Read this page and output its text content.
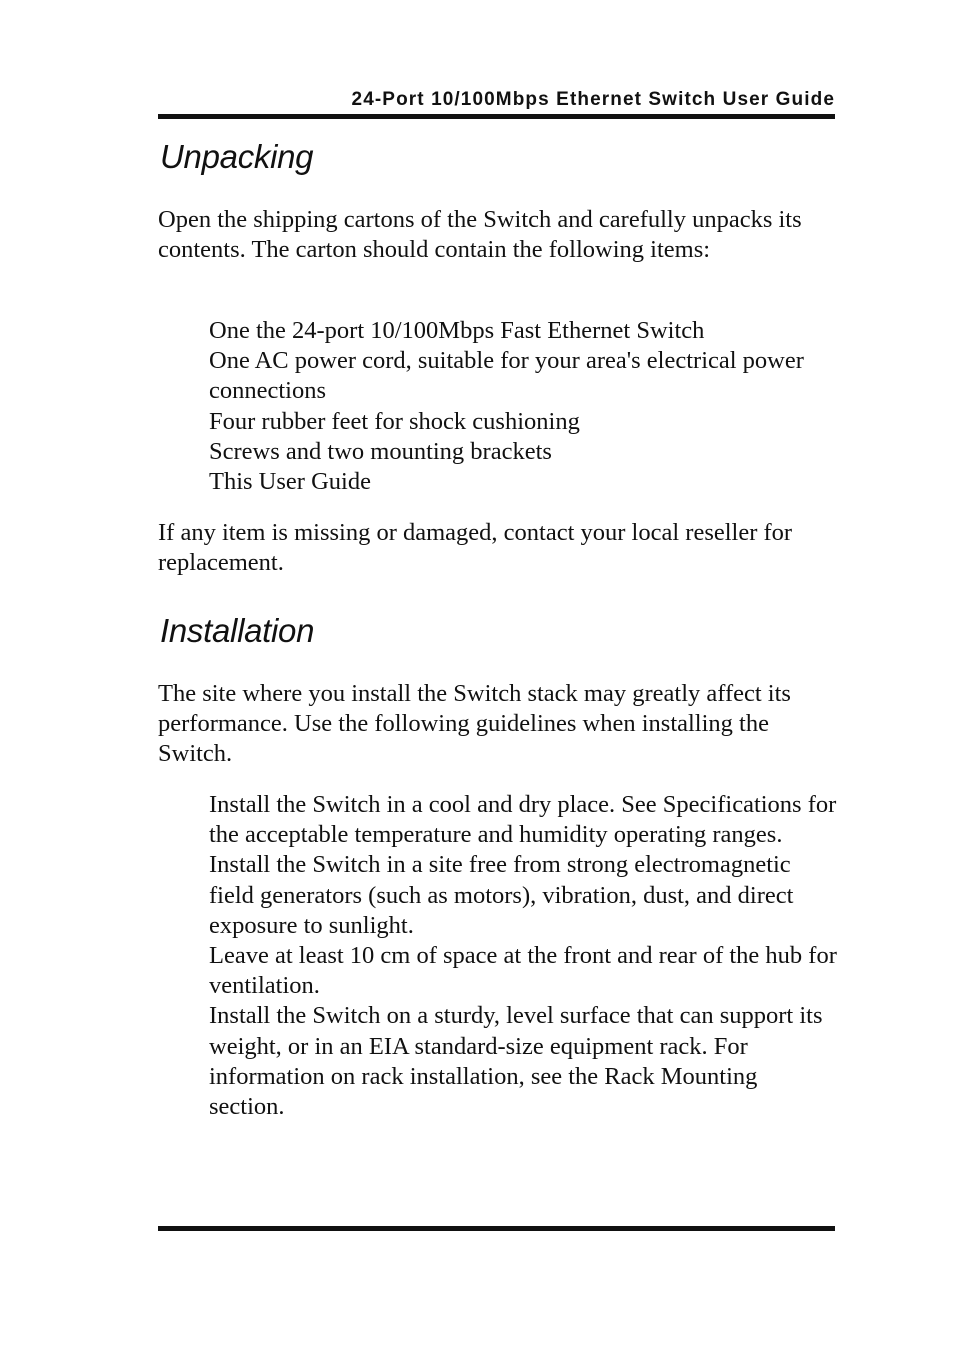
24-Port 10/100Mbps Ethernet Switch User Guide
Unpacking

Open the shipping cartons of the Switch and carefully unpacks its contents. The carton should contain the following items:

One the 24-port 10/100Mbps Fast Ethernet Switch
One AC power cord, suitable for your area's electrical power connections
Four rubber feet for shock cushioning
Screws and two mounting brackets
This User Guide

If any item is missing or damaged, contact your local reseller for replacement.

Installation

The site where you install the Switch stack may greatly affect its performance. Use the following guidelines when installing the Switch.

Install the Switch in a cool and dry place. See Specifications for the acceptable temperature and humidity operating ranges.
Install the Switch in a site free from strong electromagnetic field generators (such as motors), vibration, dust, and direct exposure to sunlight.
Leave at least 10 cm of space at the front and rear of the hub for ventilation.
Install the Switch on a sturdy, level surface that can support its weight, or in an EIA standard-size equipment rack. For information on rack installation, see the Rack Mounting section.
